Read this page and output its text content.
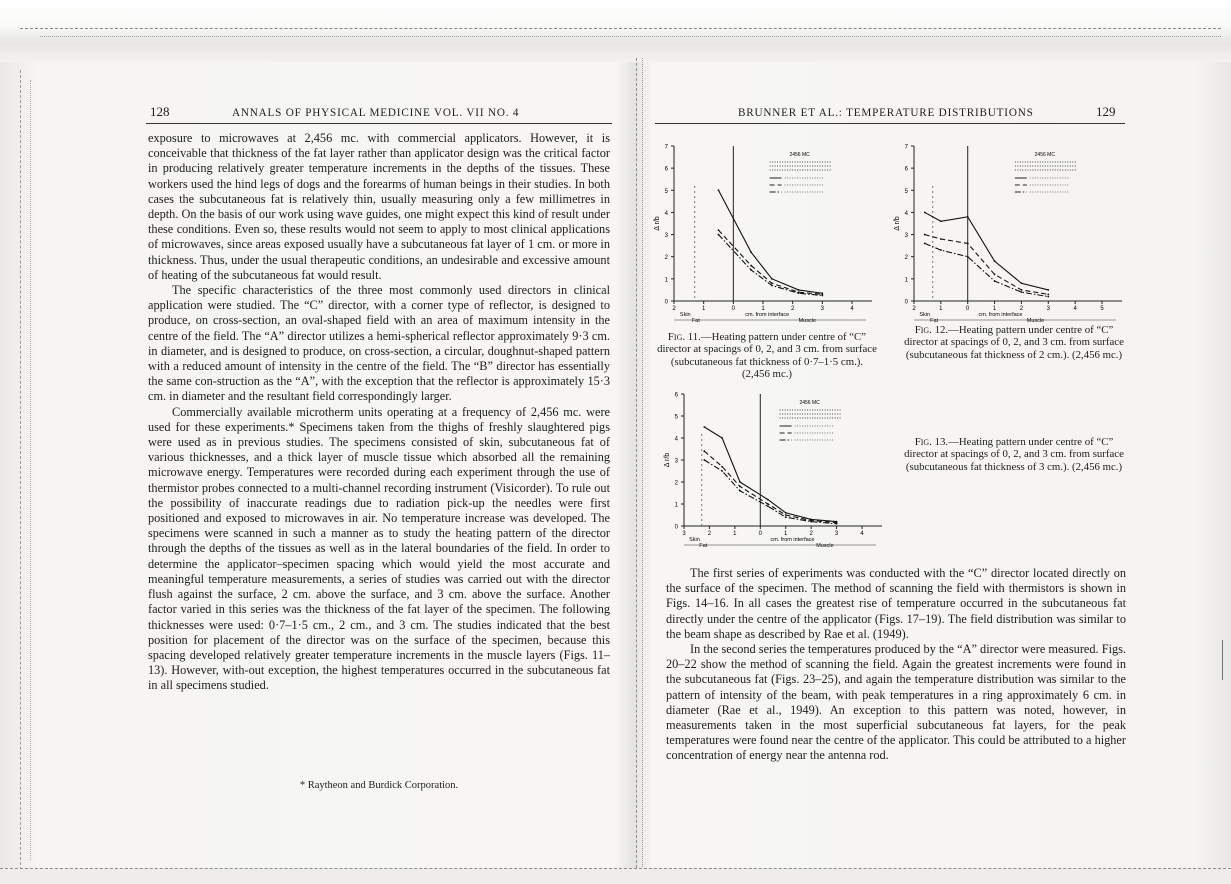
128	ANNALS OF PHYSICAL MEDICINE VOL. VII NO. 4

exposure to microwaves at 2,456 mc. with commercial applicators. However, it is conceivable that thickness of the fat layer rather than applicator design was the critical factor in producing relatively greater temperature increments in the depths of the tissues. These workers used the hind legs of dogs and the forearms of human beings in their studies. In both cases the subcutaneous fat is relatively thin, usually measuring only a few millimetres in depth. On the basis of our work using wave guides, one might expect this kind of result under these conditions. Even so, these results would not seem to apply to most clinical applications of microwaves, since areas exposed usually have a subcutaneous fat layer of 1 cm. or more in thickness. Thus, under the usual therapeutic conditions, an undesirable and excessive amount of heating of the subcutaneous fat would result.

The specific characteristics of the three most commonly used directors in clinical application were studied. The “C” director, with a corner type of reflector, is designed to produce, on cross-section, an oval-shaped field with an area of maximum intensity in the centre of the field. The “A” director utilizes a hemi-spherical reflector approximately 9·3 cm. in diameter, and is designed to produce, on cross-section, a circular, doughnut-shaped pattern with a reduced amount of intensity in the centre of the field. The “B” director has essentially the same con-struction as the “A”, with the exception that the reflector is approximately 15·3 cm. in diameter and the resultant field correspondingly larger.

Commercially available microtherm units operating at a frequency of 2,456 mc. were used for these experiments.* Specimens taken from the thighs of freshly slaughtered pigs were used as in previous studies. The specimens consisted of skin, subcutaneous fat of various thicknesses, and a thick layer of muscle tissue which absorbed all the remaining microwave energy. Temperatures were recorded during each experiment through the use of thermistor probes connected to a multi-channel recording instrument (Visicorder). To rule out the possibility of inaccurate readings due to radiation pick-up the needles were first positioned and exposed to microwaves in air. No temperature increase was developed. The specimens were scanned in such a manner as to study the heating pattern of the director through the depths of the tissues as well as in the lateral boundaries of the field. In order to determine the applicator–specimen spacing which would yield the most accurate and meaningful temperature measurements, a series of studies was carried out with the director flush against the surface, 2 cm. above the surface, and 3 cm. above the surface. Another factor varied in this series was the thickness of the fat layer of the specimen. The following thicknesses were used: 0·7–1·5 cm., 2 cm., and 3 cm. The studies indicated that the best position for placement of the director was on the surface of the specimen, because this spacing developed relatively greater temperature increments in the muscle layers (Figs. 11–13). However, with-out exception, the highest temperatures occurred in the subcutaneous fat in all specimens studied.

* Raytheon and Burdick Corporation.
BRUNNER ET AL.: TEMPERATURE DISTRIBUTIONS	129
0
1
2
3
4
5
6
7
2	1	0	1	2	3	4
Δ r/b
cm. from interface
Skin
Fat	Muscle
2456 MC
0
1
2
3
4
5
6
7
2	1	0	1	2	3	4	5
Δ r/b
cm. from interface
Skin
Fat	Muscle
2456 MC
0
1
2
3
4
5
6
3	2	1	0	1	2	3	4
Δ r/b
cm. from interface
Skin
Fat	Muscle
2456 MC
Fig. 11.—Heating pattern under centre of “C” director at spacings of 0, 2, and 3 cm. from surface (subcutaneous fat thickness of 0·7–1·5 cm.). (2,456 mc.)
Fig. 12.—Heating pattern under centre of “C” director at spacings of 0, 2, and 3 cm. from surface (subcutaneous fat thickness of 2 cm.). (2,456 mc.)
Fig. 13.—Heating pattern under centre of “C” director at spacings of 0, 2, and 3 cm. from surface (subcutaneous fat thickness of 3 cm.). (2,456 mc.)

The first series of experiments was conducted with the “C” director located directly on the surface of the specimen. The method of scanning the field with thermistors is shown in Figs. 14–16. In all cases the greatest rise of temperature occurred in the subcutaneous fat directly under the centre of the applicator (Figs. 17–19). The field distribution was similar to the beam shape as described by Rae et al. (1949).

In the second series the temperatures produced by the “A” director were measured. Figs. 20–22 show the method of scanning the field. Again the greatest increments were found in the subcutaneous fat (Figs. 23–25), and again the temperature distribution was similar to the pattern of intensity of the beam, with peak temperatures in a ring approximately 6 cm. in diameter (Rae et al., 1949). An exception to this pattern was noted, however, in measurements taken in the most superficial subcutaneous fat layers, for the peak temperatures were found near the centre of the applicator. This could be attributed to a higher concentration of energy near the antenna rod.
